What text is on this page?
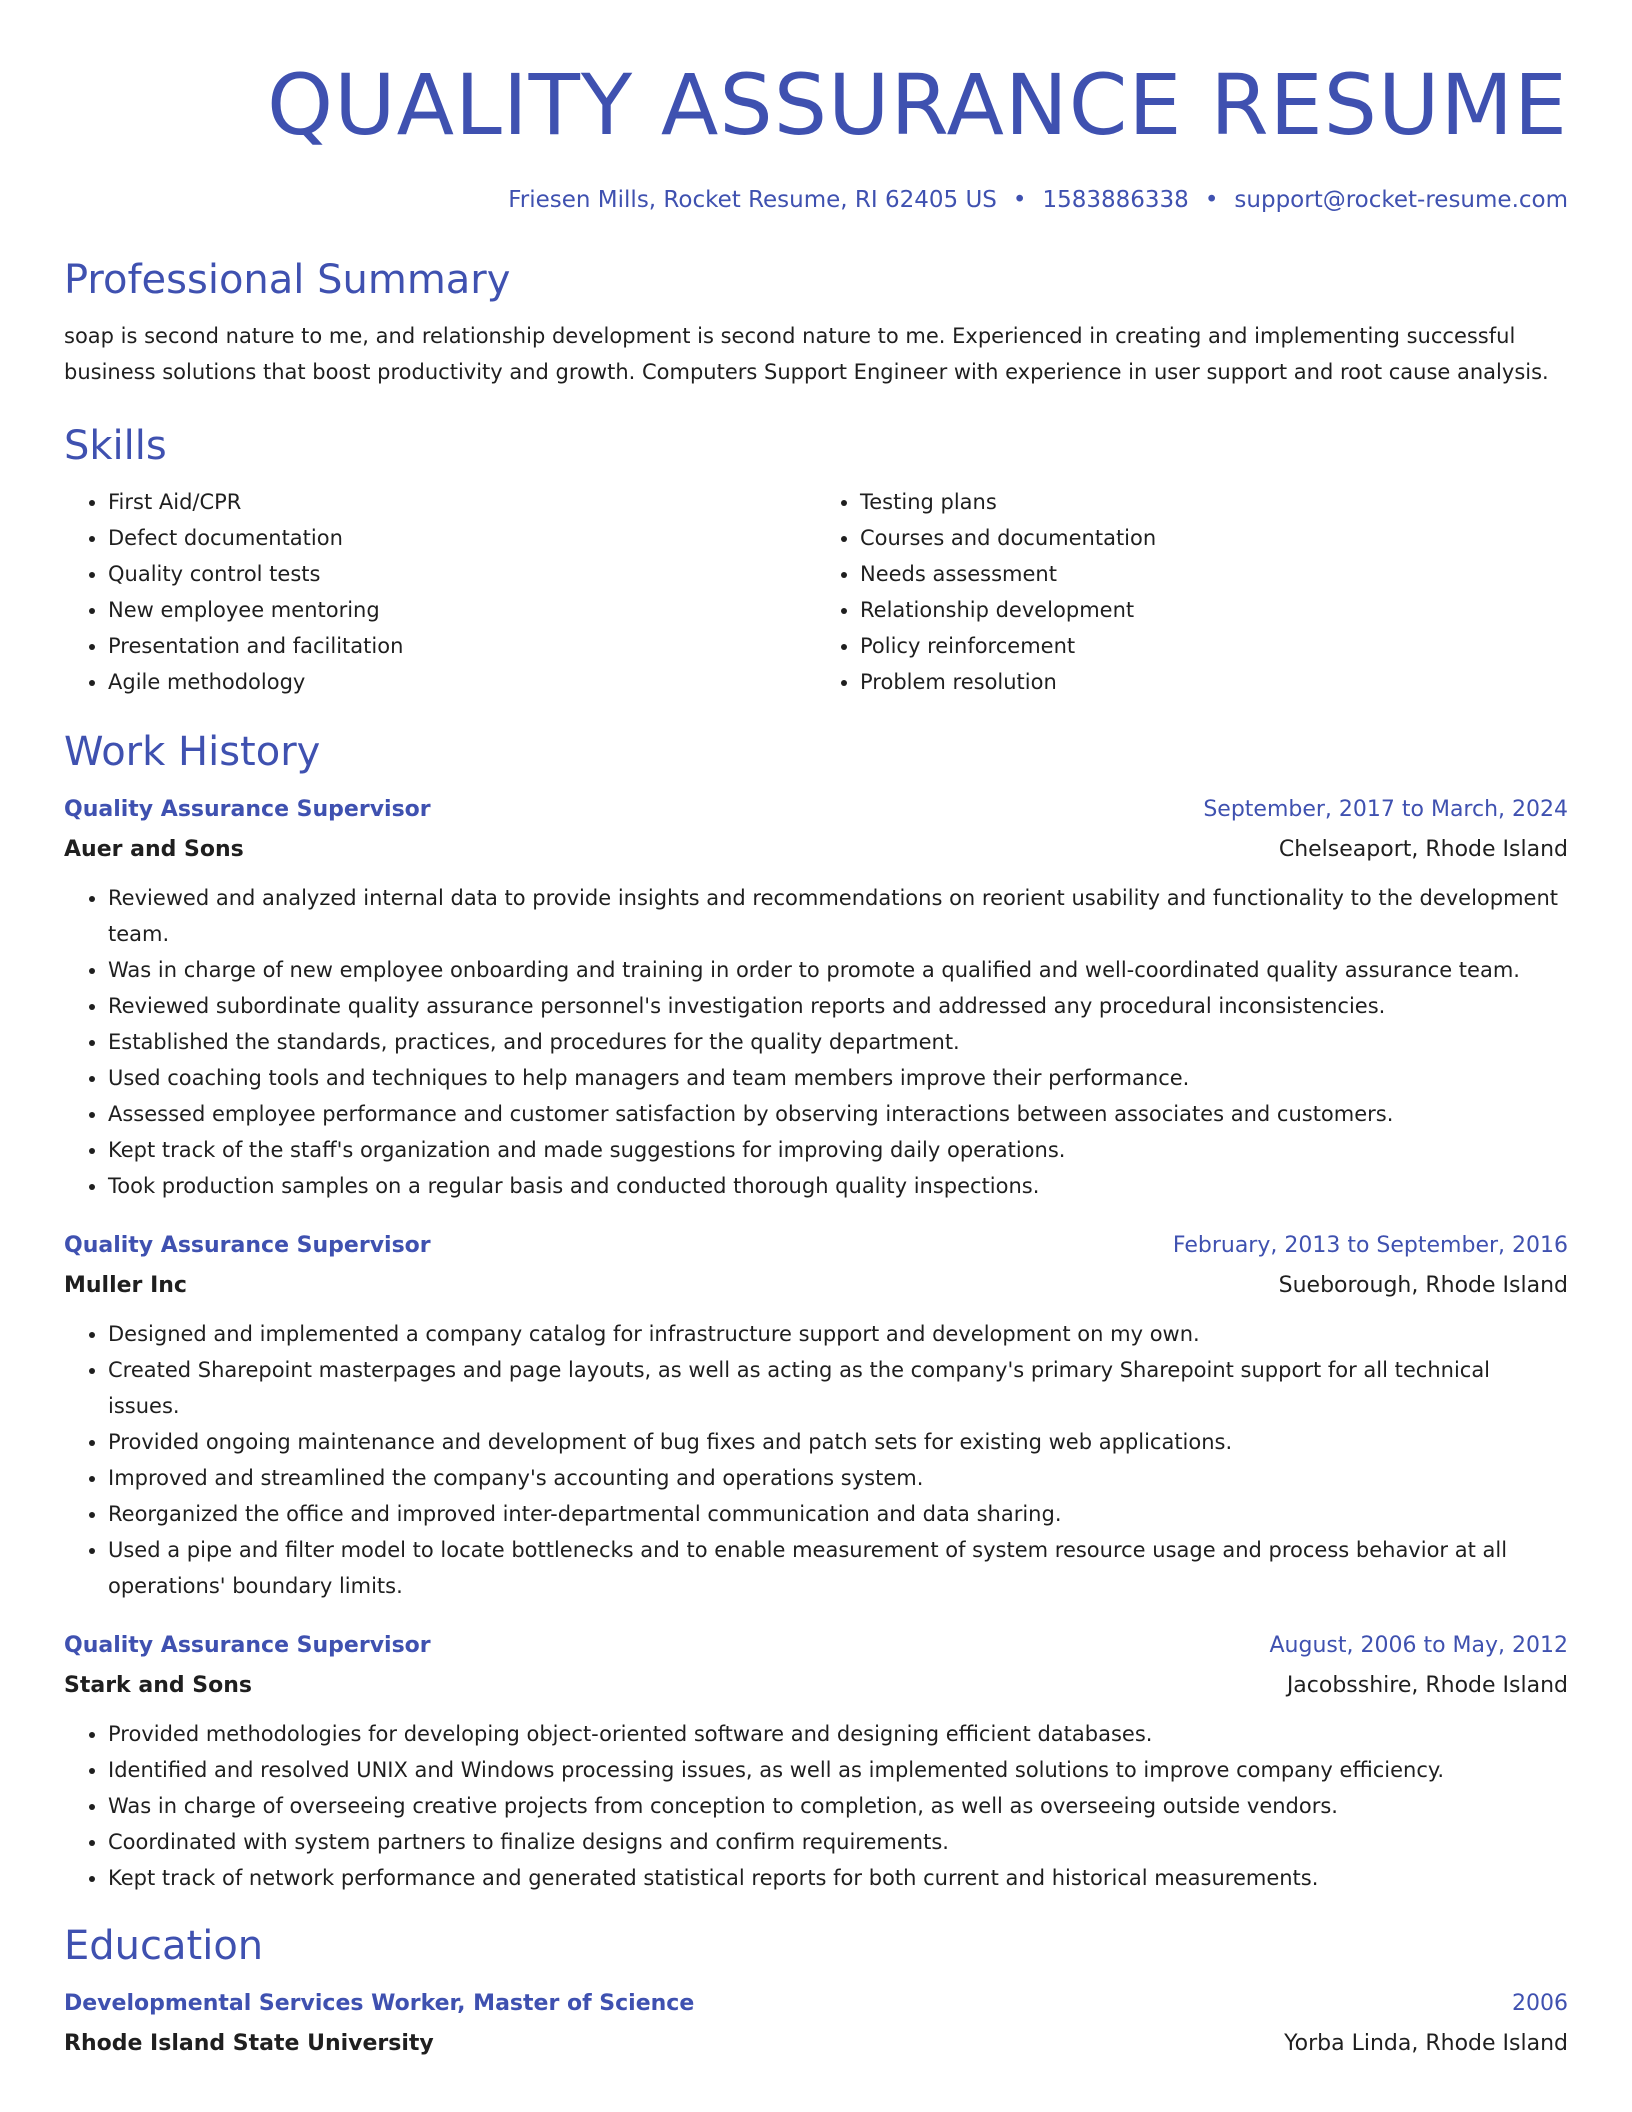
QUALITY ASSURANCE RESUME
Friesen Mills, Rocket Resume, RI 62405 US • 1583886338 • support@rocket-resume.com
Professional Summary

soap is second nature to me, and relationship development is second nature to me. Experienced in creating and implementing successful business solutions that boost productivity and growth. Computers Support Engineer with experience in user support and root cause analysis.

Skills
• First Aid/CPR
• Defect documentation
• Quality control tests
• New employee mentoring
• Presentation and facilitation
• Agile methodology
• Testing plans
• Courses and documentation
• Needs assessment
• Relationship development
• Policy reinforcement
• Problem resolution
Work History
Quality Assurance Supervisor	September, 2017 to March, 2024
Auer and Sons	Chelseaport, Rhode Island
• Reviewed and analyzed internal data to provide insights and recommendations on reorient usability and functionality to the development team.
• Was in charge of new employee onboarding and training in order to promote a qualified and well-coordinated quality assurance team.
• Reviewed subordinate quality assurance personnel's investigation reports and addressed any procedural inconsistencies.
• Established the standards, practices, and procedures for the quality department.
• Used coaching tools and techniques to help managers and team members improve their performance.
• Assessed employee performance and customer satisfaction by observing interactions between associates and customers.
• Kept track of the staff's organization and made suggestions for improving daily operations.
• Took production samples on a regular basis and conducted thorough quality inspections.
Quality Assurance Supervisor	February, 2013 to September, 2016
Muller Inc	Sueborough, Rhode Island
• Designed and implemented a company catalog for infrastructure support and development on my own.
• Created Sharepoint masterpages and page layouts, as well as acting as the company's primary Sharepoint support for all technical issues.
• Provided ongoing maintenance and development of bug fixes and patch sets for existing web applications.
• Improved and streamlined the company's accounting and operations system.
• Reorganized the office and improved inter-departmental communication and data sharing.
• Used a pipe and filter model to locate bottlenecks and to enable measurement of system resource usage and process behavior at all operations' boundary limits.
Quality Assurance Supervisor	August, 2006 to May, 2012
Stark and Sons	Jacobsshire, Rhode Island
• Provided methodologies for developing object-oriented software and designing efficient databases.
• Identified and resolved UNIX and Windows processing issues, as well as implemented solutions to improve company efficiency.
• Was in charge of overseeing creative projects from conception to completion, as well as overseeing outside vendors.
• Coordinated with system partners to finalize designs and confirm requirements.
• Kept track of network performance and generated statistical reports for both current and historical measurements.
Education
Developmental Services Worker, Master of Science	2006
Rhode Island State University	Yorba Linda, Rhode Island
